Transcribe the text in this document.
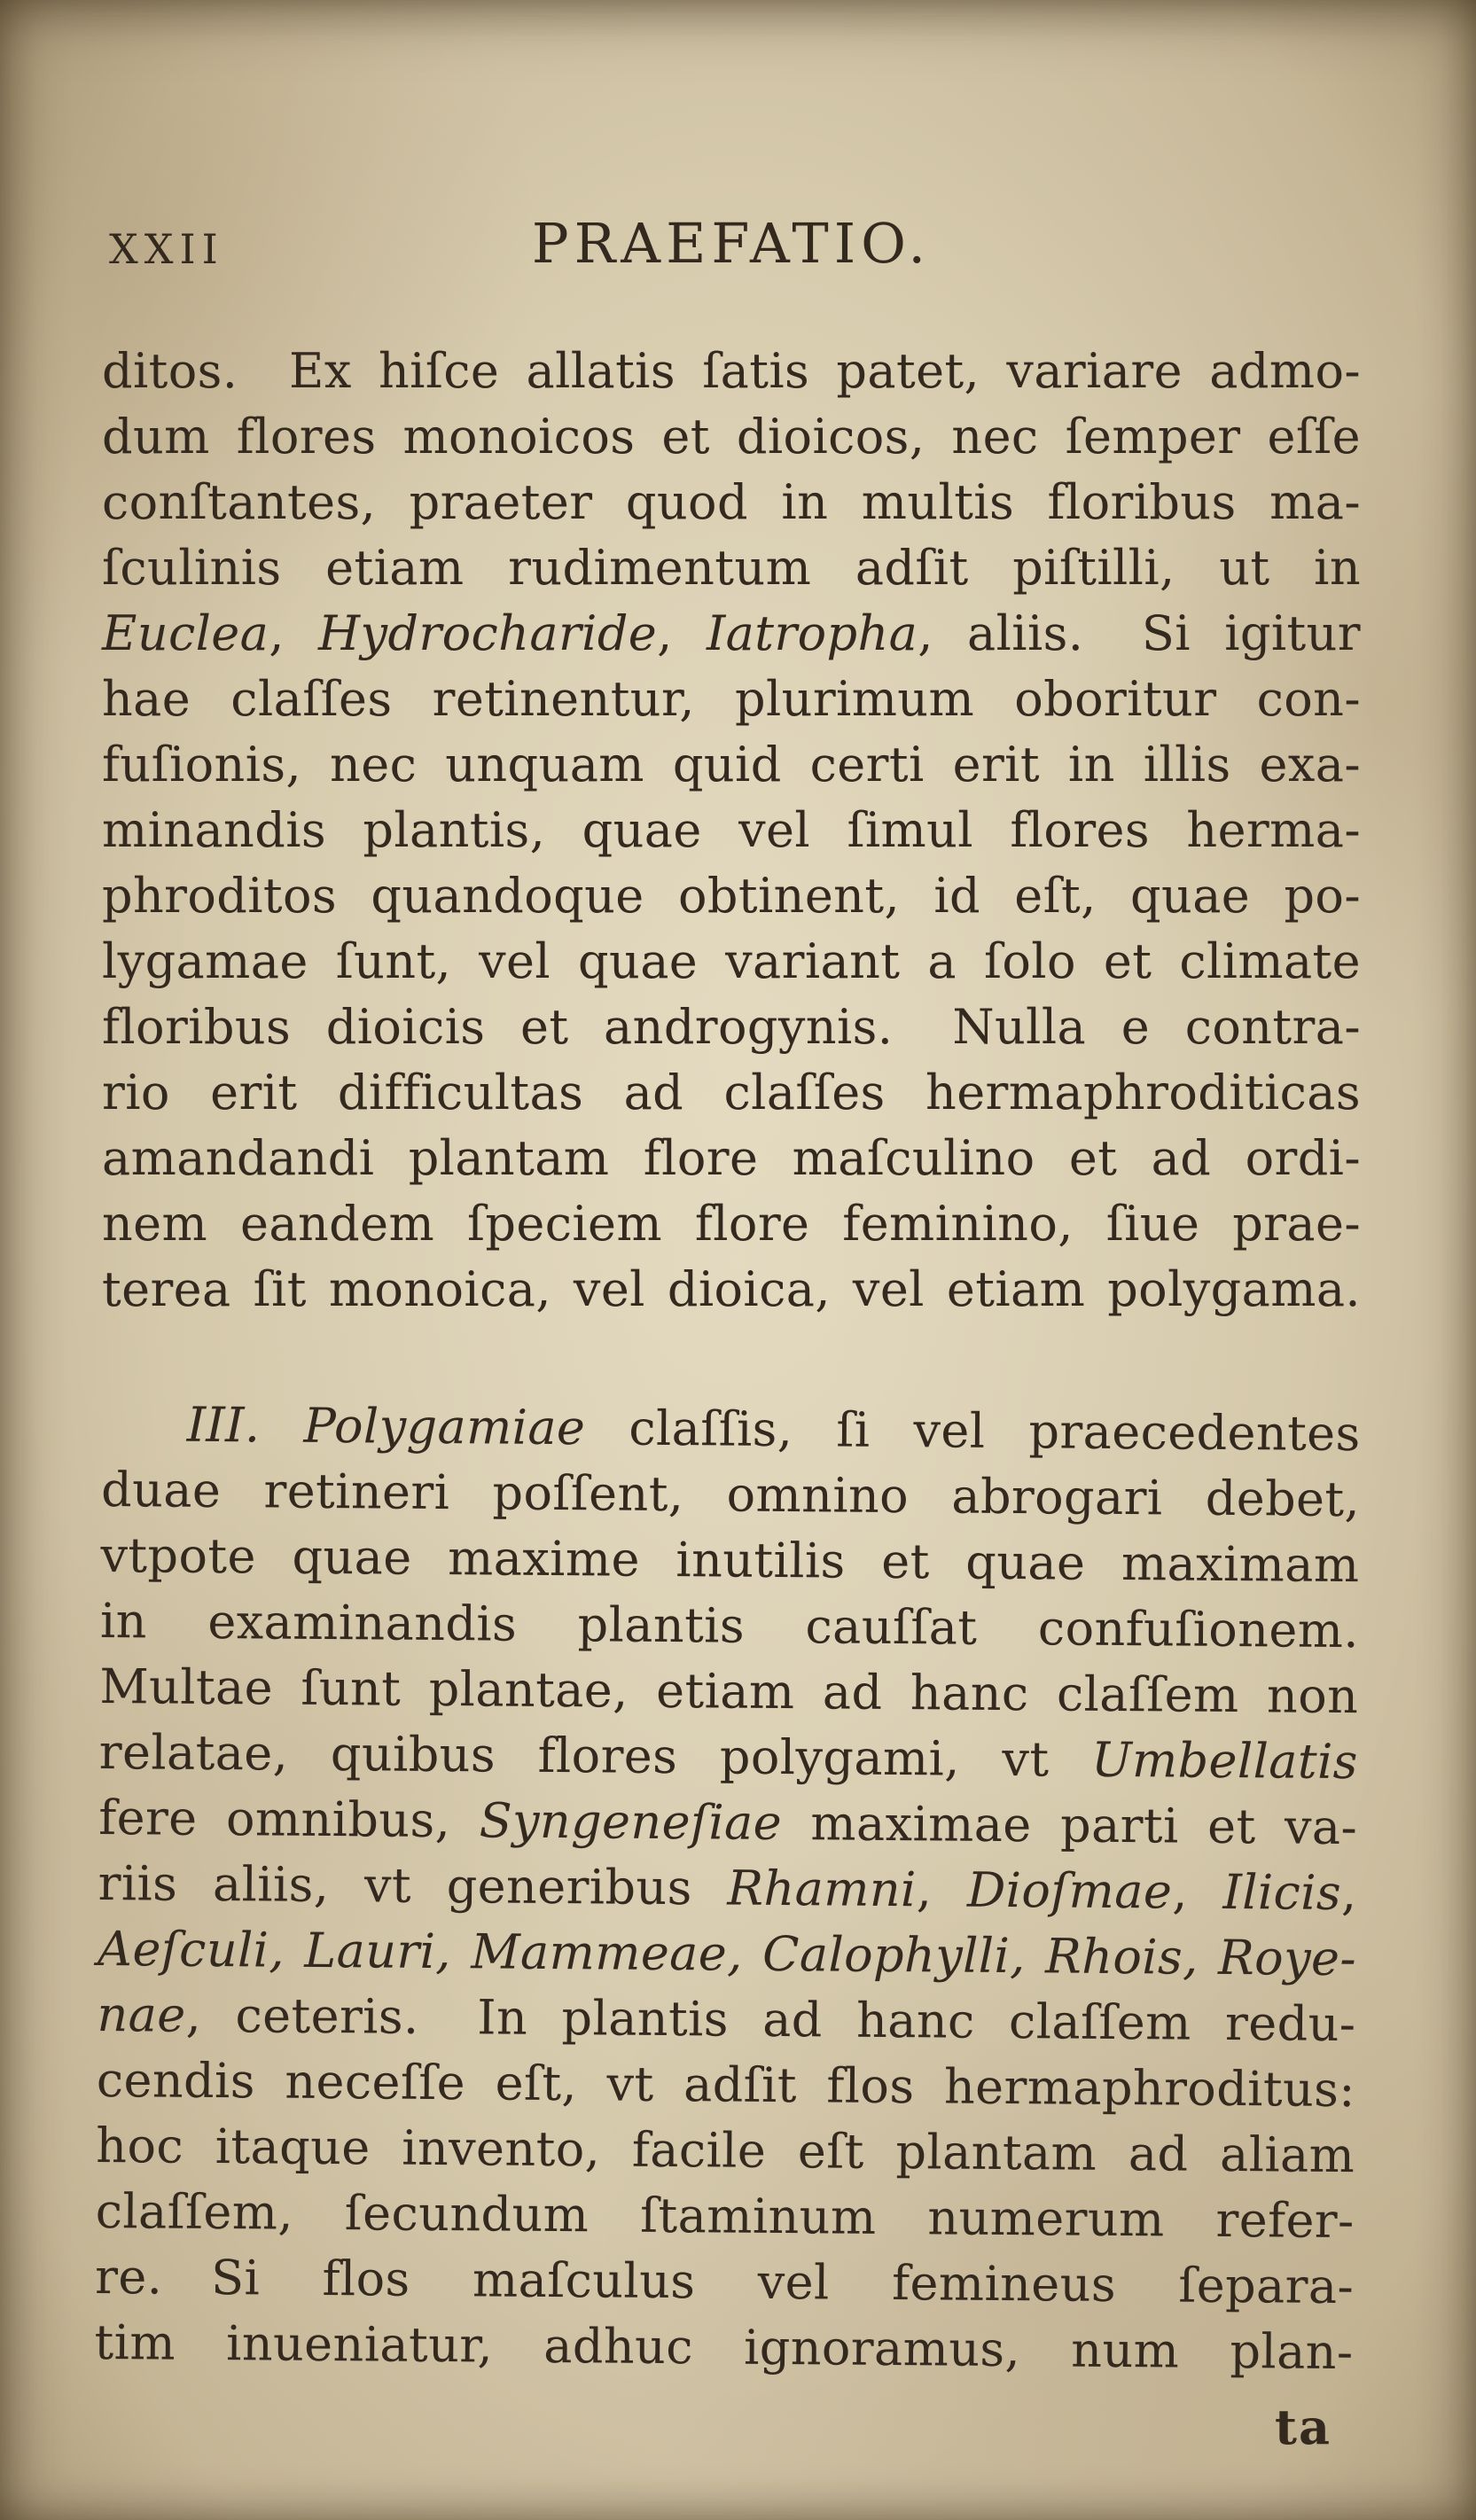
XXII	PRAEFATIO.
ditos.  Ex hiſce allatis ſatis patet, variare admo-
dum flores monoicos et dioicos, nec ſemper eſſe
conſtantes, praeter quod in multis floribus ma-
ſculinis etiam rudimentum adſit piſtilli, ut in
Euclea, Hydrocharide, Iatropha, aliis.  Si igitur
hae claſſes retinentur, plurimum oboritur con-
fuſionis, nec unquam quid certi erit in illis exa-
minandis plantis, quae vel ſimul flores herma-
phroditos quandoque obtinent, id eſt, quae po-
lygamae ſunt, vel quae variant a ſolo et climate
floribus dioicis et androgynis.  Nulla e contra-
rio erit difficultas ad claſſes hermaphroditicas
amandandi plantam flore maſculino et ad ordi-
nem eandem ſpeciem flore feminino, ſiue prae-
terea ſit monoica, vel dioica, vel etiam polygama.
III. Polygamiae claſſis, ſi vel praecedentes
duae retineri poſſent, omnino abrogari debet,
vtpote quae maxime inutilis et quae maximam
in examinandis plantis cauſſat confuſionem.
Multae ſunt plantae, etiam ad hanc claſſem non
relatae, quibus flores polygami, vt Umbellatis
fere omnibus, Syngeneſiae maximae parti et va-
riis aliis, vt generibus Rhamni, Dioſmae, Ilicis,
Aeſculi, Lauri, Mammeae, Calophylli, Rhois, Roye-
nae, ceteris.  In plantis ad hanc claſſem redu-
cendis neceſſe eſt, vt adſit flos hermaphroditus:
hoc itaque invento, facile eſt plantam ad aliam
claſſem, ſecundum ſtaminum numerum refer-
re.  Si flos maſculus vel femineus ſepara-
tim inueniatur, adhuc ignoramus, num plan-
ta
